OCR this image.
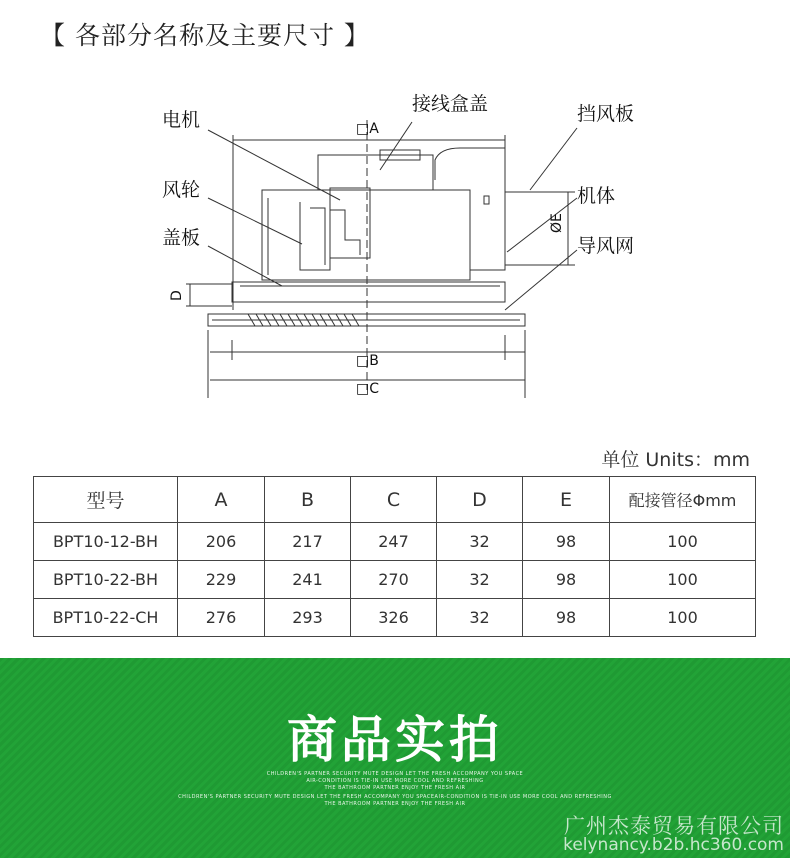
【 各部分名称及主要尺寸 】
电机
风轮
盖板
接线盒盖	挡风板
机体
导风网
□A
□B
□C
D
ØE
单位 Units：mm
型号	A	B	C	D	E	配接管径Φmm
BPT10-12-BH	206	217	247	32	98	100
BPT10-22-BH	229	241	270	32	98	100
BPT10-22-CH	276	293	326	32	98	100
商品实拍
CHILDREN'S PARTNER SECURITY MUTE DESIGN LET THE FRESH ACCOMPANY YOU SPACE
AIR-CONDITION IS TIE-IN USE MORE COOL AND REFRESHING
THE BATHROOM PARTNER ENJOY THE FRESH AIR
CHILDREN'S PARTNER SECURITY MUTE DESIGN LET THE FRESH ACCOMPANY YOU SPACEAIR-CONDITION IS TIE-IN USE MORE COOL AND REFRESHING
THE BATHROOM PARTNER ENJOY THE FRESH AIR
广州杰泰贸易有限公司
kelynancy.b2b.hc360.com
